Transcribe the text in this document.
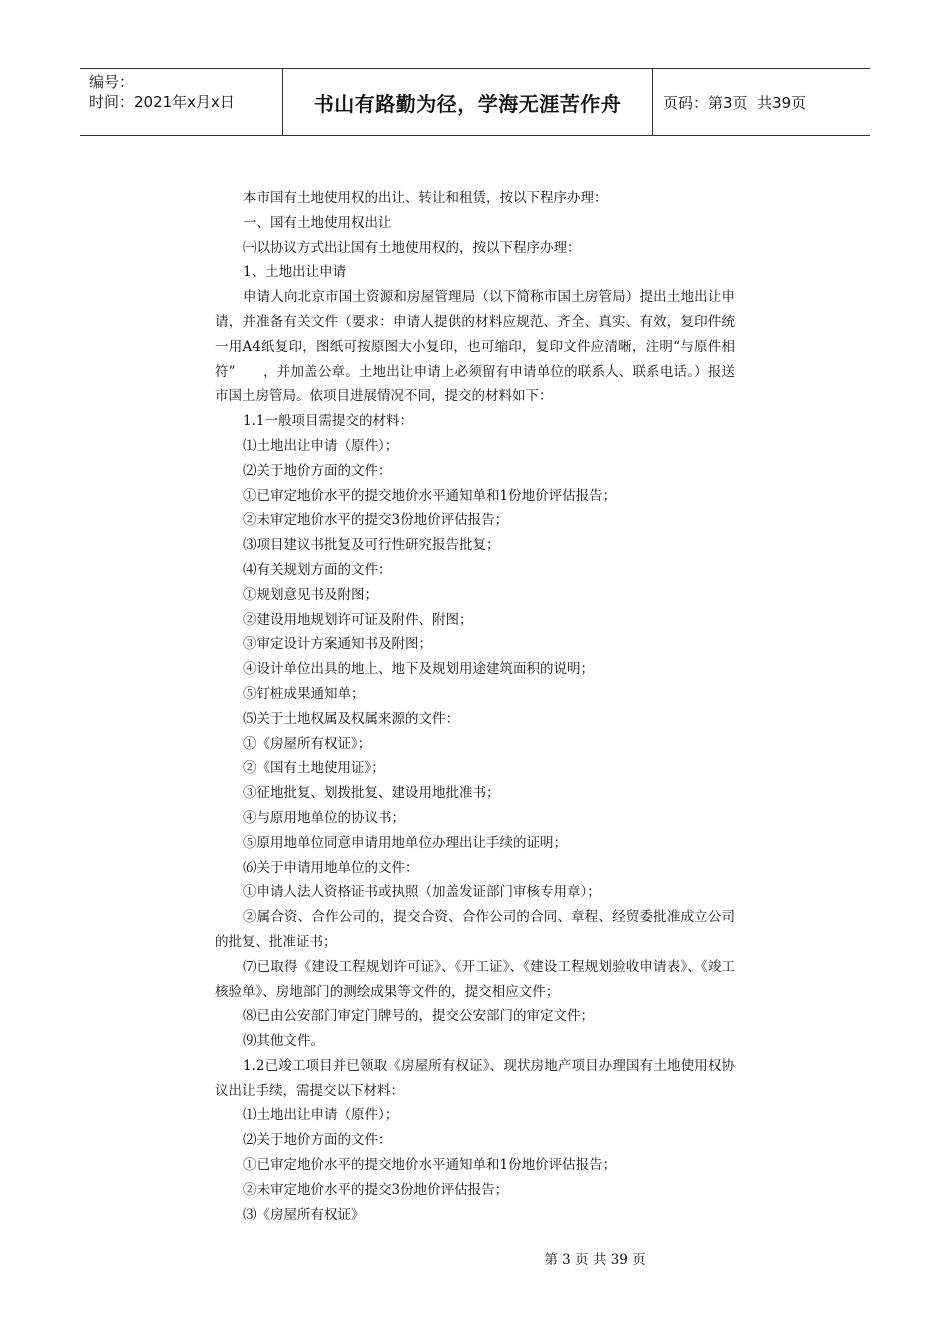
编号：
时间：2021年x月x日	书山有路勤为径，学海无涯苦作舟	页码：第3页  共39页

本市国有土地使用权的出让、转让和租赁，按以下程序办理：

一、国有土地使用权出让

㈠以协议方式出让国有土地使用权的，按以下程序办理：

1、土地出让申请

申请人向北京市国土资源和房屋管理局（以下简称市国土房管局）提出土地出让申请，并准备有关文件（要求：申请人提供的材料应规范、齐全、真实、有效，复印件统一用A4纸复印，图纸可按原图大小复印，也可缩印，复印文件应清晰，注明“与原件相符”　　，并加盖公章。土地出让申请上必须留有申请单位的联系人、联系电话。）报送市国土房管局。依项目进展情况不同，提交的材料如下：

1.1一般项目需提交的材料：

⑴土地出让申请（原件）；

⑵关于地价方面的文件：

①已审定地价水平的提交地价水平通知单和1份地价评估报告；

②未审定地价水平的提交3份地价评估报告；

⑶项目建议书批复及可行性研究报告批复；

⑷有关规划方面的文件：

①规划意见书及附图；

②建设用地规划许可证及附件、附图；

③审定设计方案通知书及附图；

④设计单位出具的地上、地下及规划用途建筑面积的说明；

⑤钉桩成果通知单；

⑸关于土地权属及权属来源的文件：

①《房屋所有权证》；

②《国有土地使用证》；

③征地批复、划拨批复、建设用地批准书；

④与原用地单位的协议书；

⑤原用地单位同意申请用地单位办理出让手续的证明；

⑹关于申请用地单位的文件：

①申请人法人资格证书或执照（加盖发证部门审核专用章）；

②属合资、合作公司的，提交合资、合作公司的合同、章程、经贸委批准成立公司的批复、批准证书；

⑺已取得《建设工程规划许可证》、《开工证》、《建设工程规划验收申请表》、《竣工核验单》、房地部门的测绘成果等文件的，提交相应文件；

⑻已由公安部门审定门牌号的，提交公安部门的审定文件；

⑼其他文件。

1.2已竣工项目并已领取《房屋所有权证》、现状房地产项目办理国有土地使用权协议出让手续，需提交以下材料：

⑴土地出让申请（原件）；

⑵关于地价方面的文件：

①已审定地价水平的提交地价水平通知单和1份地价评估报告；

②未审定地价水平的提交3份地价评估报告；

⑶《房屋所有权证》

第 3 页 共 39 页
